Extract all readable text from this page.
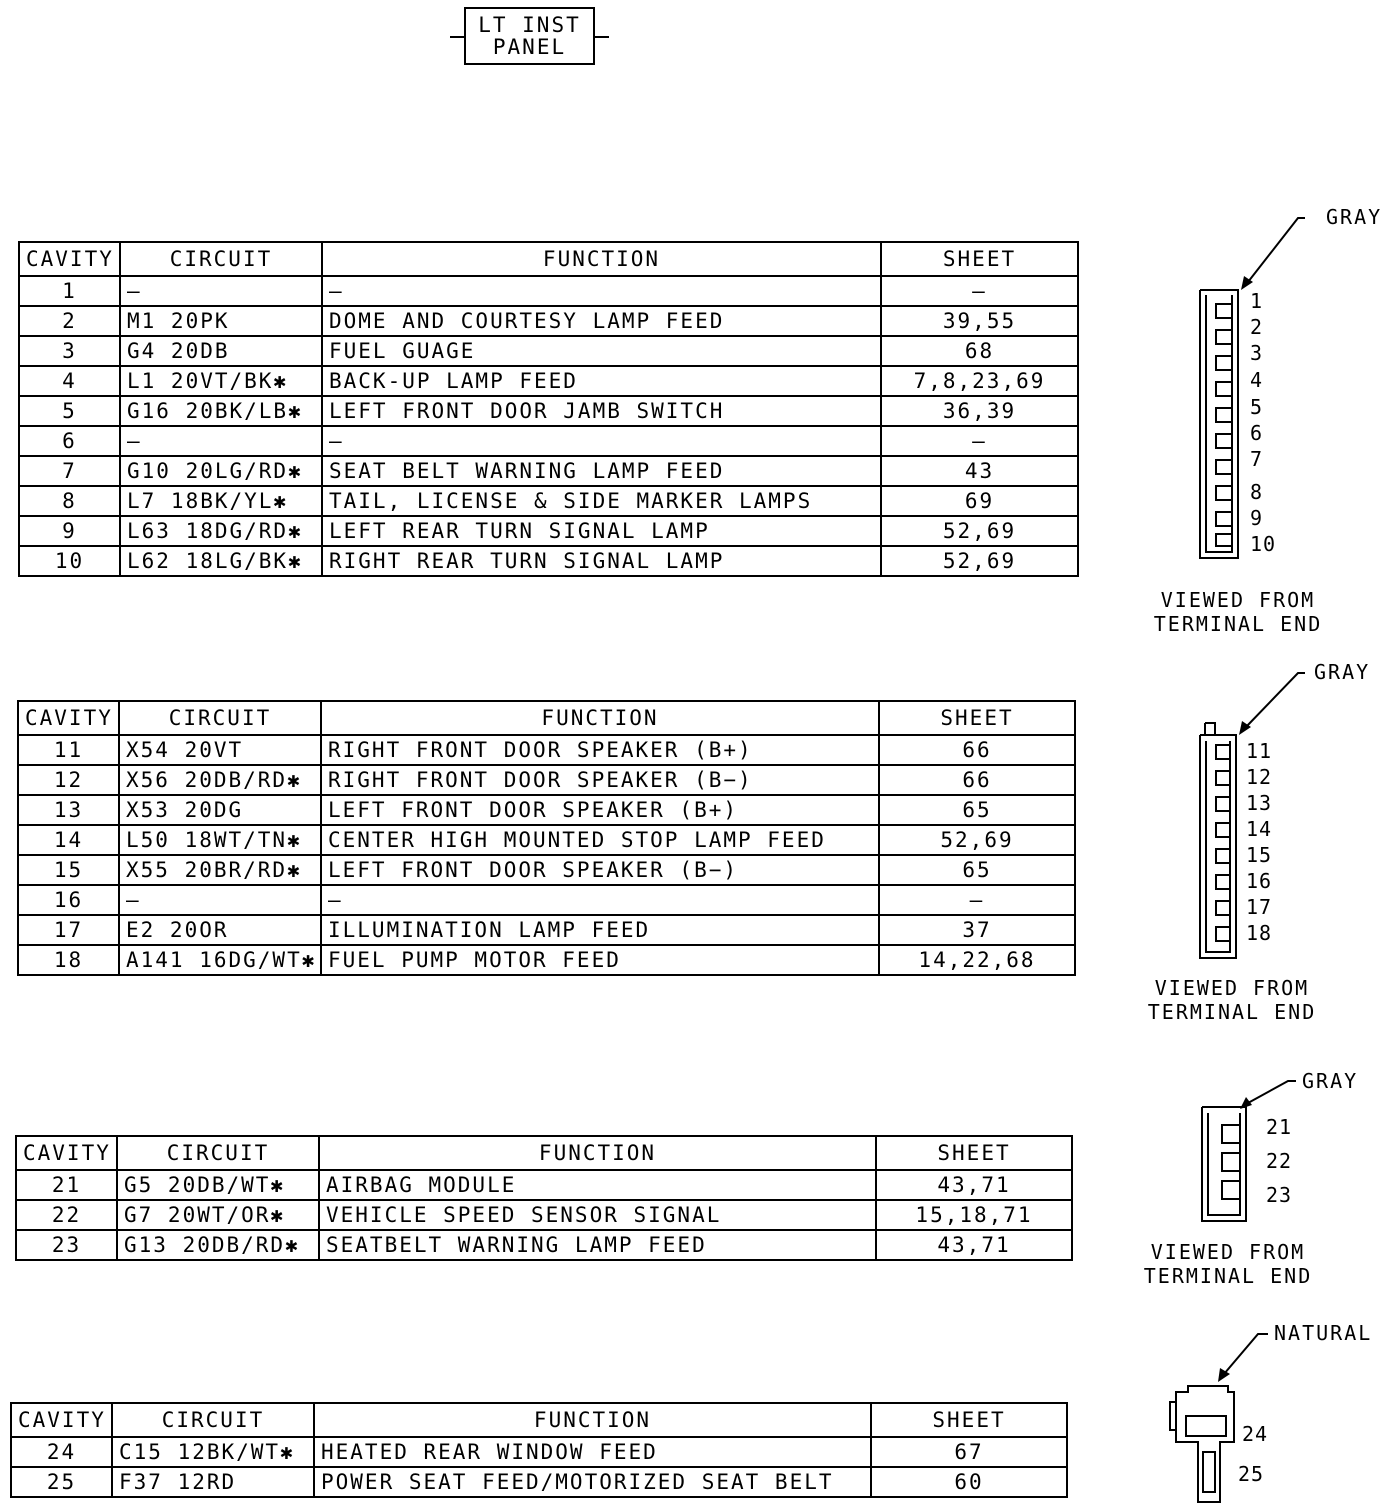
LT INST
PANEL
CAVITY	CIRCUIT	FUNCTION	SHEET
1	—	—	—
2	M1 20PK	DOME AND COURTESY LAMP FEED	39,55
3	G4 20DB	FUEL GUAGE	68
4	L1 20VT/BK✱	BACK-UP LAMP FEED	7,8,23,69
5	G16 20BK/LB✱	LEFT FRONT DOOR JAMB SWITCH	36,39
6	—	—	—
7	G10 20LG/RD✱	SEAT BELT WARNING LAMP FEED	43
8	L7 18BK/YL✱	TAIL, LICENSE & SIDE MARKER LAMPS	69
9	L63 18DG/RD✱	LEFT REAR TURN SIGNAL LAMP	52,69
10	L62 18LG/BK✱	RIGHT REAR TURN SIGNAL LAMP	52,69
CAVITY	CIRCUIT	FUNCTION	SHEET
11	X54 20VT	RIGHT FRONT DOOR SPEAKER (B+)	66
12	X56 20DB/RD✱	RIGHT FRONT DOOR SPEAKER (B−)	66
13	X53 20DG	LEFT FRONT DOOR SPEAKER (B+)	65
14	L50 18WT/TN✱	CENTER HIGH MOUNTED STOP LAMP FEED	52,69
15	X55 20BR/RD✱	LEFT FRONT DOOR SPEAKER (B−)	65
16	—	—	—
17	E2 20OR	ILLUMINATION LAMP FEED	37
18	A141 16DG/WT✱	FUEL PUMP MOTOR FEED	14,22,68
CAVITY	CIRCUIT	FUNCTION	SHEET
21	G5 20DB/WT✱	AIRBAG MODULE	43,71
22	G7 20WT/OR✱	VEHICLE SPEED SENSOR SIGNAL	15,18,71
23	G13 20DB/RD✱	SEATBELT WARNING LAMP FEED	43,71
CAVITY	CIRCUIT	FUNCTION	SHEET
24	C15 12BK/WT✱	HEATED REAR WINDOW FEED	67
25	F37 12RD	POWER SEAT FEED/MOTORIZED SEAT BELT	60
GRAY
1
2
3
4
5
6
7
8
9
10
VIEWED FROM
TERMINAL END
GRAY
11
12
13
14
15
16
17
18
VIEWED FROM
TERMINAL END
GRAY
21
22
23
VIEWED FROM
TERMINAL END
NATURAL
24
25
